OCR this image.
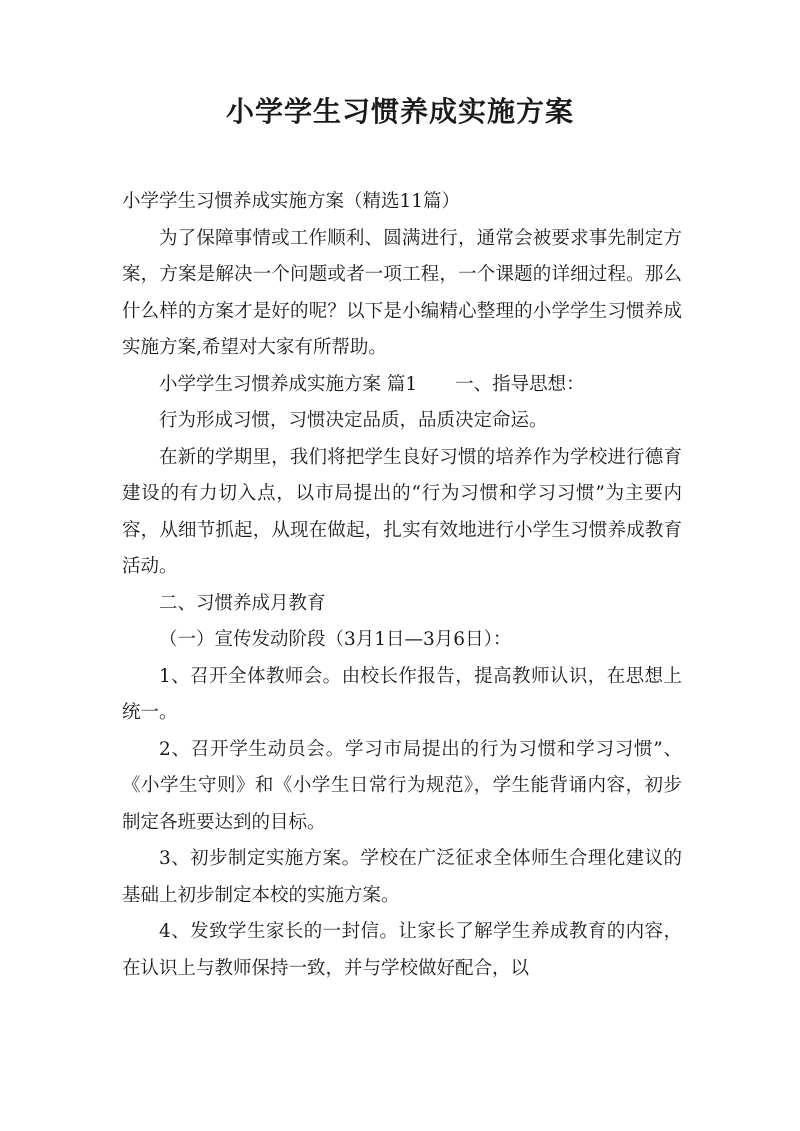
小学学生习惯养成实施方案

小学学生习惯养成实施方案（精选11篇）

为了保障事情或工作顺利、圆满进行，通常会被要求事先制定方案，方案是解决一个问题或者一项工程，一个课题的详细过程。那么什么样的方案才是好的呢？以下是小编精心整理的小学学生习惯养成实施方案,希望对大家有所帮助。

小学学生习惯养成实施方案 篇1 一、指导思想：

行为形成习惯，习惯决定品质，品质决定命运。

在新的学期里，我们将把学生良好习惯的培养作为学校进行德育建设的有力切入点，以市局提出的“行为习惯和学习习惯”为主要内容，从细节抓起，从现在做起，扎实有效地进行小学生习惯养成教育活动。

二、习惯养成月教育

（一）宣传发动阶段（3月1日—3月6日）：

1、召开全体教师会。由校长作报告，提高教师认识，在思想上统一。

2、召开学生动员会。学习市局提出的行为习惯和学习习惯”、《小学生守则》和《小学生日常行为规范》，学生能背诵内容，初步制定各班要达到的目标。

3、初步制定实施方案。学校在广泛征求全体师生合理化建议的基础上初步制定本校的实施方案。

4、发致学生家长的一封信。让家长了解学生养成教育的内容，在认识上与教师保持一致，并与学校做好配合，以
